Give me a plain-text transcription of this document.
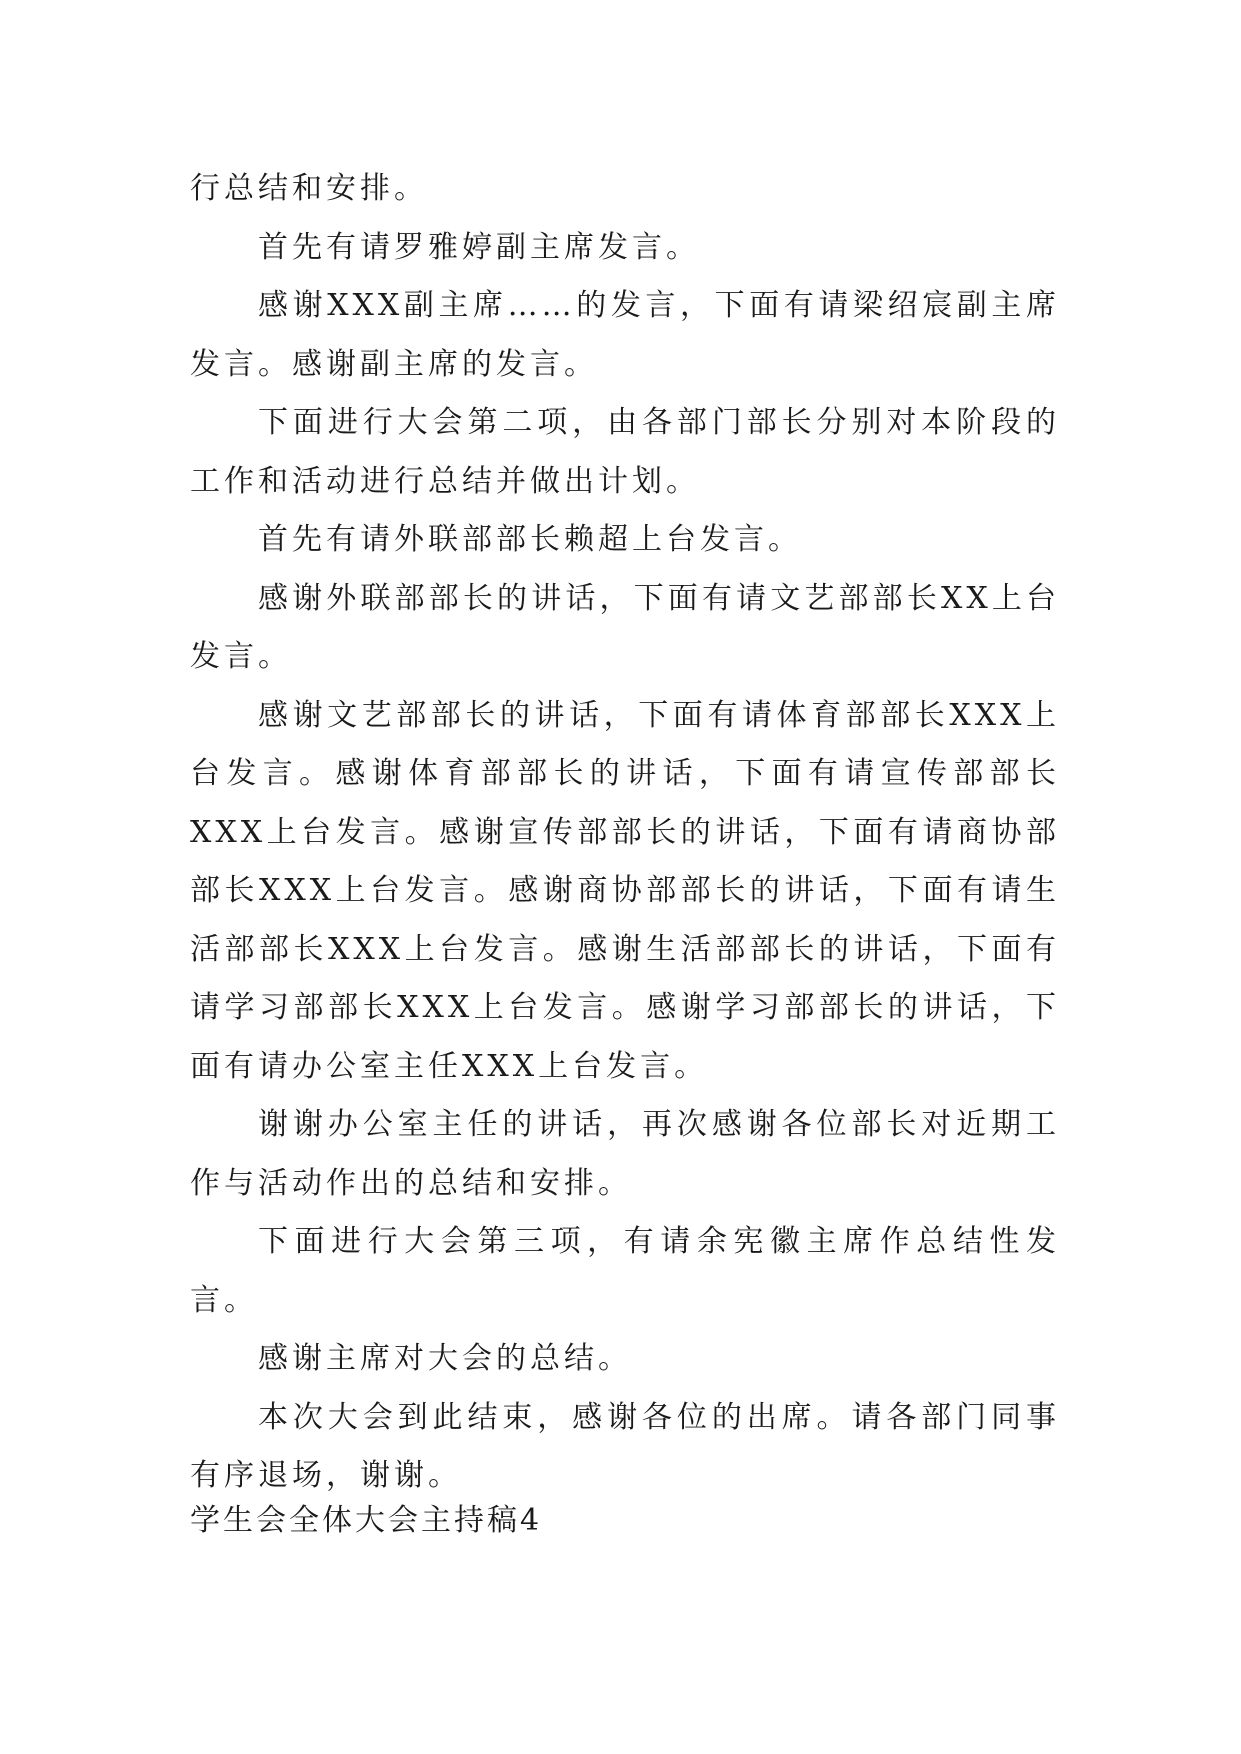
行总结和安排。

首先有请罗雅婷副主席发言。

感谢XXX副主席……的发言，下面有请梁绍宸副主席发言。感谢副主席的发言。

下面进行大会第二项，由各部门部长分别对本阶段的工作和活动进行总结并做出计划。

首先有请外联部部长赖超上台发言。

感谢外联部部长的讲话，下面有请文艺部部长XX上台发言。

感谢文艺部部长的讲话，下面有请体育部部长XXX上台发言。感谢体育部部长的讲话，下面有请宣传部部长XXX上台发言。感谢宣传部部长的讲话，下面有请商协部部长XXX上台发言。感谢商协部部长的讲话，下面有请生活部部长XXX上台发言。感谢生活部部长的讲话，下面有请学习部部长XXX上台发言。感谢学习部部长的讲话，下面有请办公室主任XXX上台发言。

谢谢办公室主任的讲话，再次感谢各位部长对近期工作与活动作出的总结和安排。

下面进行大会第三项，有请余宪徽主席作总结性发言。

感谢主席对大会的总结。

本次大会到此结束，感谢各位的出席。请各部门同事有序退场，谢谢。

学生会全体大会主持稿4
